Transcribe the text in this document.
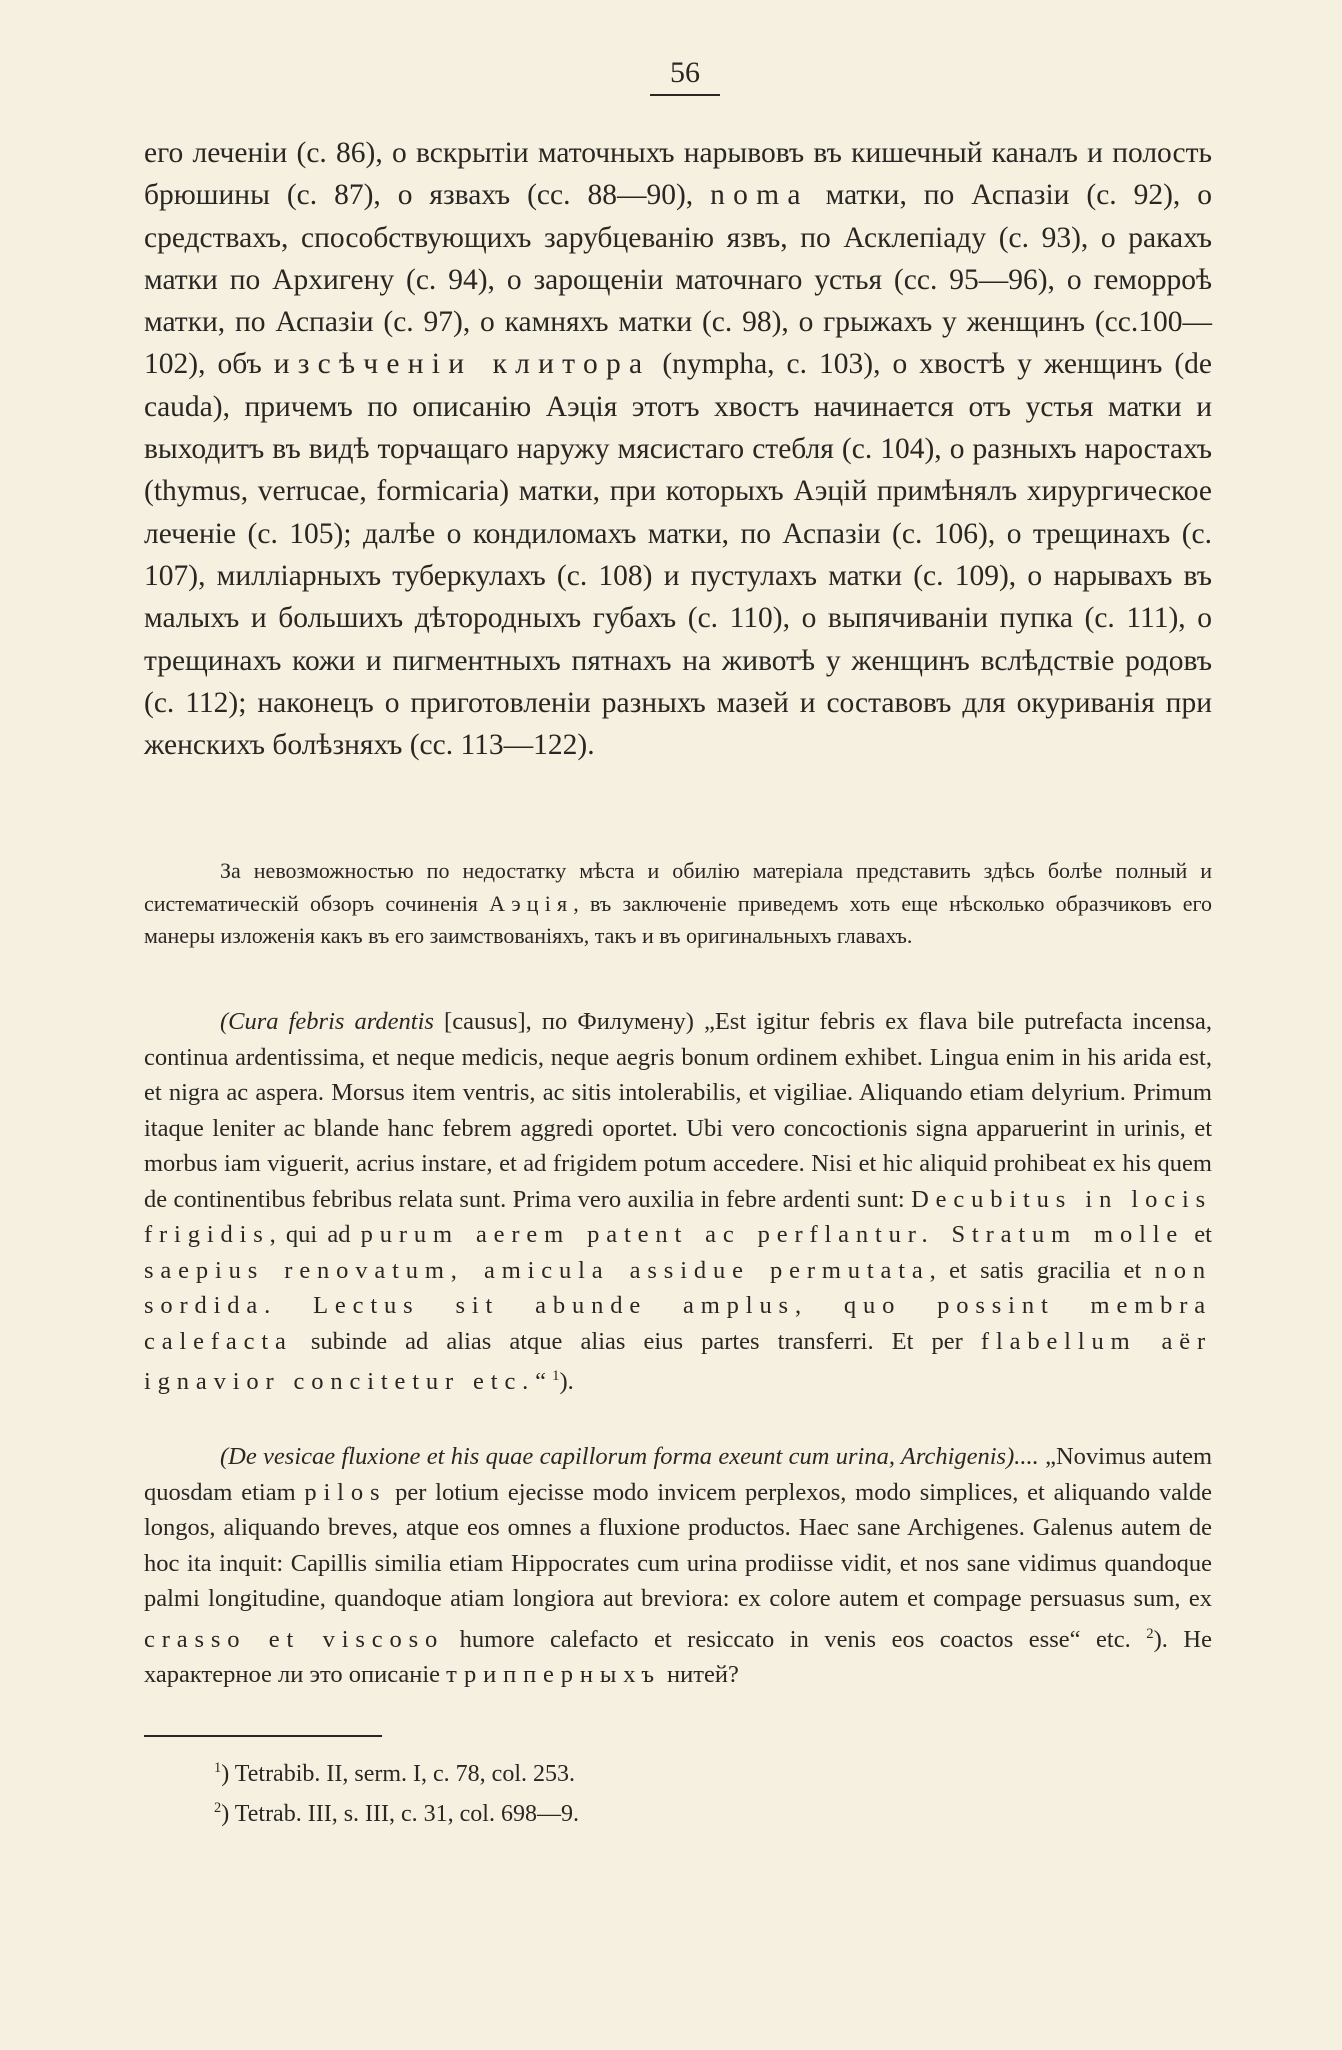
56
его леченіи (с. 86), о вскрытіи маточныхъ нарывовъ въ кишечный каналъ и полость брюшины (с. 87), о язвахъ (сс. 88—90), noma матки, по Аспазіи (с. 92), о средствахъ, способствующихъ зарубцеванію язвъ, по Асклепіаду (с. 93), о ракахъ матки по Архигену (с. 94), о зарощеніи маточнаго устья (сс. 95—96), о геморроѣ матки, по Аспазіи (с. 97), о камняхъ матки (с. 98), о грыжахъ у женщинъ (сс.100—102), объ изсѣченіи клитора (nympha, с. 103), о хвостѣ у женщинъ (de cauda), причемъ по описанію Аэція этотъ хвостъ начинается отъ устья матки и выходитъ въ видѣ торчащаго наружу мясистаго стебля (с. 104), о разныхъ наростахъ (thymus, verrucae, formicaria) матки, при которыхъ Аэцій примѣнялъ хирургическое леченіе (с. 105); далѣе о кондиломахъ матки, по Аспазіи (с. 106), о трещинахъ (с. 107), милліарныхъ туберкулахъ (с. 108) и пустулахъ матки (с. 109), о нарывахъ въ малыхъ и большихъ дѣтородныхъ губахъ (с. 110), о выпячиваніи пупка (с. 111), о трещинахъ кожи и пигментныхъ пятнахъ на животѣ у женщинъ вслѣдствіе родовъ (с. 112); наконецъ о приготовленіи разныхъ мазей и составовъ для окуриванія при женскихъ болѣзняхъ (сс. 113—122).
За невозможностью по недостатку мѣста и обилію матеріала представить здѣсь болѣе полный и систематическій обзоръ сочиненія Аэція, въ заключеніе приведемъ хоть еще нѣсколько образчиковъ его манеры изложенія какъ въ его заимствованіяхъ, такъ и въ оригинальныхъ главахъ.
(Cura febris ardentis [causus], по Филумену) „Est igitur febris ex flava bile putrefacta incensa, continua ardentissima, et neque medicis, neque aegris bonum ordinem exhibet. Lingua enim in his arida est, et nigra ac aspera. Morsus item ventris, ac sitis intolerabilis, et vigiliae. Aliquando etiam delyrium. Primum itaque leniter ac blande hanc febrem aggredi oportet. Ubi vero concoctionis signa apparuerint in urinis, et morbus iam viguerit, acrius instare, et ad frigidem potum accedere. Nisi et hic aliquid prohibeat ex his quem de continentibus febribus relata sunt. Prima vero auxilia in febre ardenti sunt: Decubitus in locis frigidis, qui ad purum aerem patent ac perflantur. Stratum molle et saepius renovatum, amicula assidue permutata, et satis gracilia et non sordida. Lectus sit abunde amplus, quo possint membra calefacta subinde ad alias atque alias eius partes transferri. Et per flabellum aër ignavior concitetur etc.“ $^1$).
(De vesicae fluxione et his quae capillorum forma exeunt cum urina, Archigenis).... „Novimus autem quosdam etiam pilos per lotium ejecisse modo invicem perplexos, modo simplices, et aliquando valde longos, aliquando breves, atque eos omnes a fluxione productos. Haec sane Archigenes. Galenus autem de hoc ita inquit: Capillis similia etiam Hippocrates cum urina prodiisse vidit, et nos sane vidimus quandoque palmi longitudine, quandoque atiam longiora aut breviora: ex colore autem et compage persuasus sum, ex crasso et viscoso humore calefacto et resiccato in venis eos coactos esse“ etc. $^2$). Не характерное ли это описаніе трипперныхъ нитей?
$^1$) Tetrabib. II, serm. I, c. 78, col. 253.
$^2$) Tetrab. III, s. III, c. 31, col. 698—9.
